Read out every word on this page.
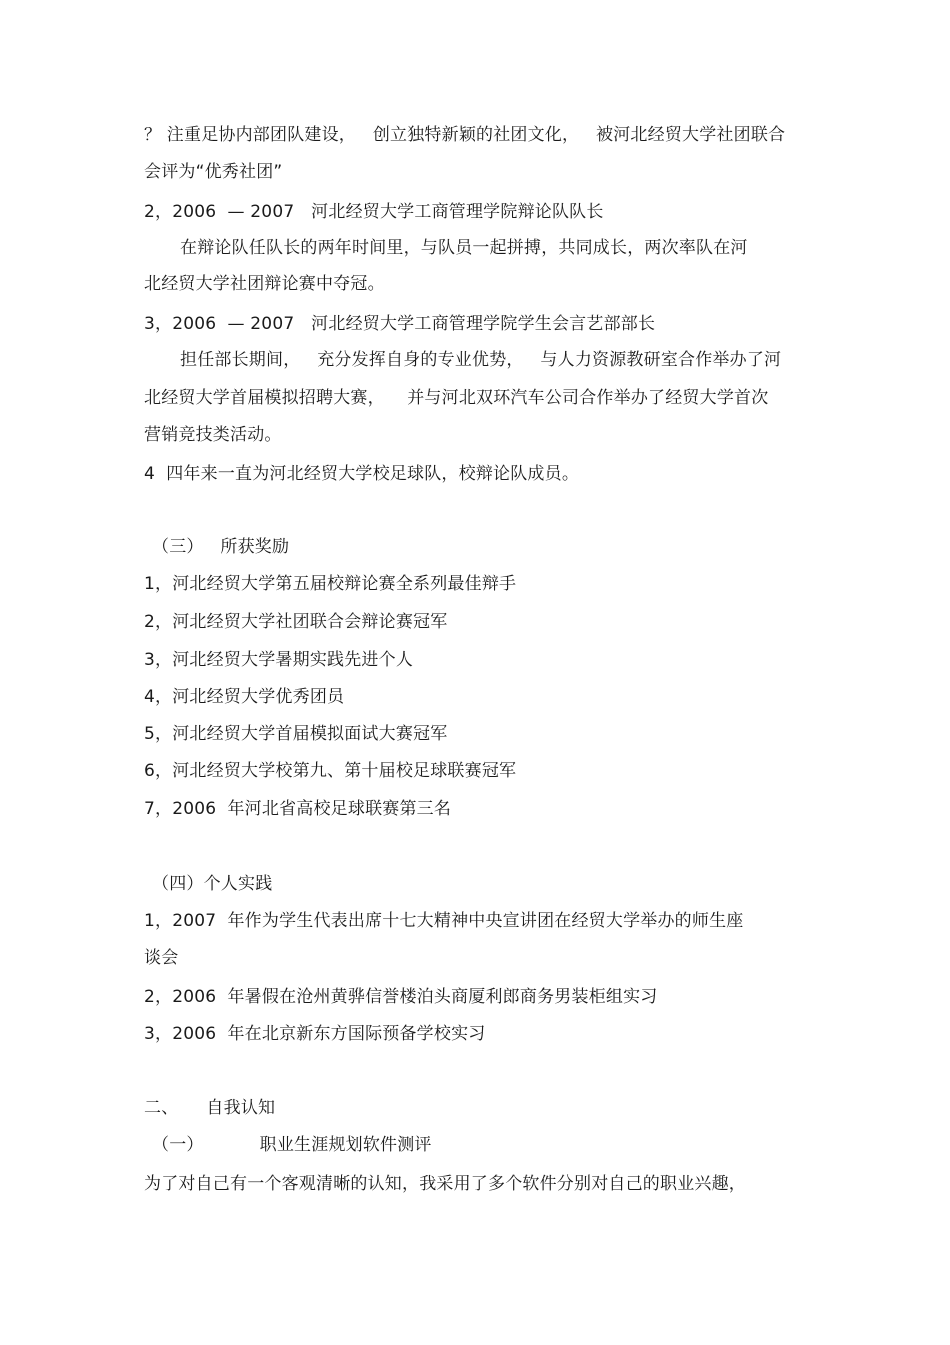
？ 注重足协内部团队建设，   创立独特新颖的社团文化，   被河北经贸大学社团联合
会评为“优秀社团”
2，2006  — 2007   河北经贸大学工商管理学院辩论队队长
在辩论队任队长的两年时间里，与队员一起拼搏，共同成长，两次率队在河
北经贸大学社团辩论赛中夺冠。
3，2006  — 2007   河北经贸大学工商管理学院学生会言艺部部长
担任部长期间，   充分发挥自身的专业优势，   与人力资源教研室合作举办了河
北经贸大学首届模拟招聘大赛，    并与河北双环汽车公司合作举办了经贸大学首次
营销竞技类活动。
4  四年来一直为河北经贸大学校足球队，校辩论队成员。
（三）   所获奖励
1，河北经贸大学第五届校辩论赛全系列最佳辩手
2，河北经贸大学社团联合会辩论赛冠军
3，河北经贸大学暑期实践先进个人
4，河北经贸大学优秀团员
5，河北经贸大学首届模拟面试大赛冠军
6，河北经贸大学校第九、第十届校足球联赛冠军
7，2006  年河北省高校足球联赛第三名
（四）个人实践
1，2007  年作为学生代表出席十七大精神中央宣讲团在经贸大学举办的师生座
谈会
2，2006  年暑假在沧州黄骅信誉楼泊头商厦利郎商务男装柜组实习
3，2006  年在北京新东方国际预备学校实习
二、     自我认知
（一）          职业生涯规划软件测评
为了对自己有一个客观清晰的认知，我采用了多个软件分别对自己的职业兴趣，
